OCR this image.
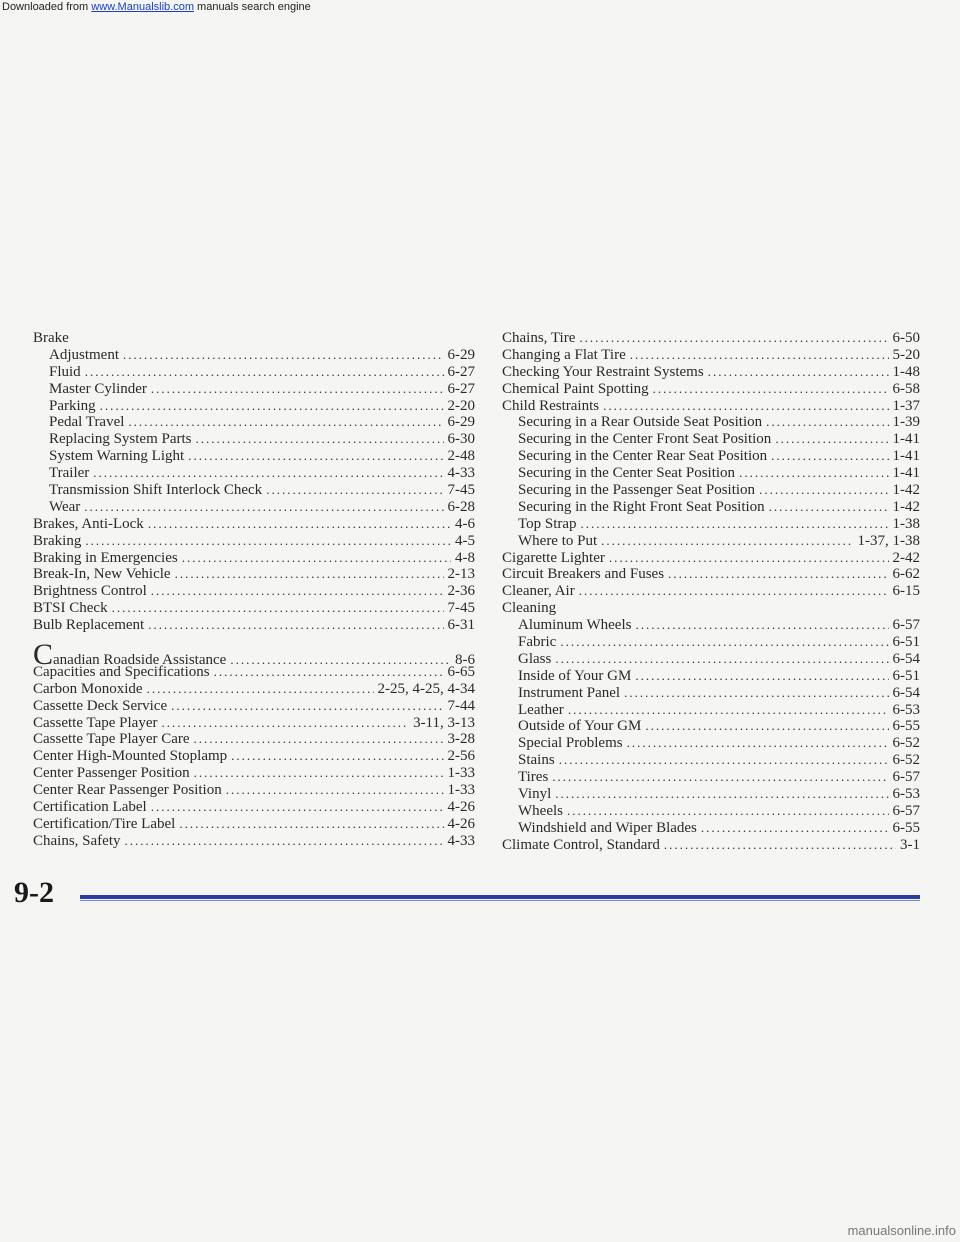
Downloaded from www.Manualslib.com manuals search engine
Brake
Adjustment .....	6-29
Fluid .....	6-27
Master Cylinder .....	6-27
Parking .....	2-20
Pedal Travel .....	6-29
Replacing System Parts .....	6-30
System Warning Light .....	2-48
Trailer .....	4-33
Transmission Shift Interlock Check .....	7-45
Wear .....	6-28
Brakes, Anti-Lock .....	4-6
Braking .....	4-5
Braking in Emergencies .....	4-8
Break-In, New Vehicle .....	2-13
Brightness Control .....	2-36
BTSI Check .....	7-45
Bulb Replacement .....	6-31
Canadian Roadside Assistance .....	8-6
Capacities and Specifications .....	6-65
Carbon Monoxide .....	2-25, 4-25, 4-34
Cassette Deck Service .....	7-44
Cassette Tape Player .....	3-11, 3-13
Cassette Tape Player Care .....	3-28
Center High-Mounted Stoplamp .....	2-56
Center Passenger Position .....	1-33
Center Rear Passenger Position .....	1-33
Certification Label .....	4-26
Certification/Tire Label .....	4-26
Chains, Safety .....	4-33
Chains, Tire .....	6-50
Changing a Flat Tire .....	5-20
Checking Your Restraint Systems .....	1-48
Chemical Paint Spotting .....	6-58
Child Restraints .....	1-37
Securing in a Rear Outside Seat Position .....	1-39
Securing in the Center Front Seat Position .....	1-41
Securing in the Center Rear Seat Position .....	1-41
Securing in the Center Seat Position .....	1-41
Securing in the Passenger Seat Position .....	1-42
Securing in the Right Front Seat Position .....	1-42
Top Strap .....	1-38
Where to Put .....	1-37, 1-38
Cigarette Lighter .....	2-42
Circuit Breakers and Fuses .....	6-62
Cleaner, Air .....	6-15
Cleaning
Aluminum Wheels .....	6-57
Fabric .....	6-51
Glass .....	6-54
Inside of Your GM .....	6-51
Instrument Panel .....	6-54
Leather .....	6-53
Outside of Your GM .....	6-55
Special Problems .....	6-52
Stains .....	6-52
Tires .....	6-57
Vinyl .....	6-53
Wheels .....	6-57
Windshield and Wiper Blades .....	6-55
Climate Control, Standard .....	3-1
9-2
manualsonline.info
